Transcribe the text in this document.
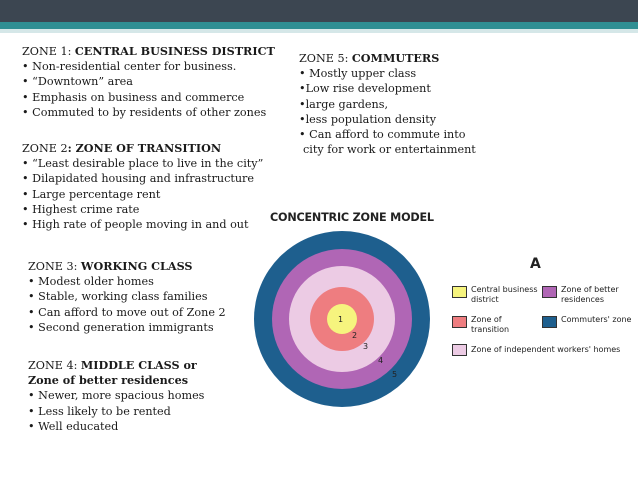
ZONE 1: CENTRAL BUSINESS DISTRICT
• Non-residential center for business.
• “Downtown” area
• Emphasis on business and commerce
• Commuted to by residents of other zones
ZONE 2: ZONE OF TRANSITION
• “Least desirable place to live in the city”
• Dilapidated housing and infrastructure
• Large percentage rent
• Highest crime rate
• High rate of people moving in and out
ZONE 3: WORKING CLASS
• Modest older homes
• Stable, working class families
• Can afford to move out of Zone 2
• Second generation immigrants
ZONE 4: MIDDLE CLASS or
Zone of better residences
• Newer, more spacious homes
• Less likely to be rented
• Well educated
ZONE 5: COMMUTERS
• Mostly upper class
•Low rise development
•large gardens,
•less population density
• Can afford to commute into
city for work or entertainment
CONCENTRIC ZONE MODEL
1
2
3
4
5
A
Central business
district
Zone of better
residences
Zone of
transition
Commuters' zone
Zone of independent workers' homes
